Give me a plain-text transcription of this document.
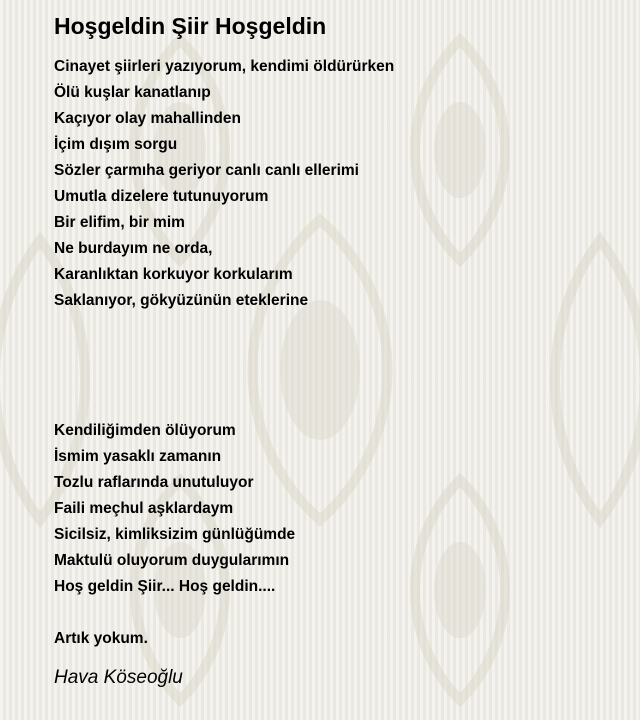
Hoşgeldin Şiir Hoşgeldin
Cinayet şiirleri yazıyorum, kendimi öldürürken
Ölü kuşlar kanatlanıp
Kaçıyor olay mahallinden
İçim dışım sorgu
Sözler çarmıha geriyor canlı canlı ellerimi
Umutla dizelere tutunuyorum
Bir elifim, bir mim
Ne burdayım ne orda,
Karanlıktan korkuyor korkularım
Saklanıyor, gökyüzünün eteklerine
Kendiliğimden ölüyorum
İsmim yasaklı zamanın
Tozlu raflarında unutuluyor
Faili meçhul aşklardaym
Sicilsiz, kimliksizim günlüğümde
Maktulü oluyorum duygularımın
Hoş geldin Şiir... Hoş geldin....
Artık yokum.
Hava Köseoğlu
